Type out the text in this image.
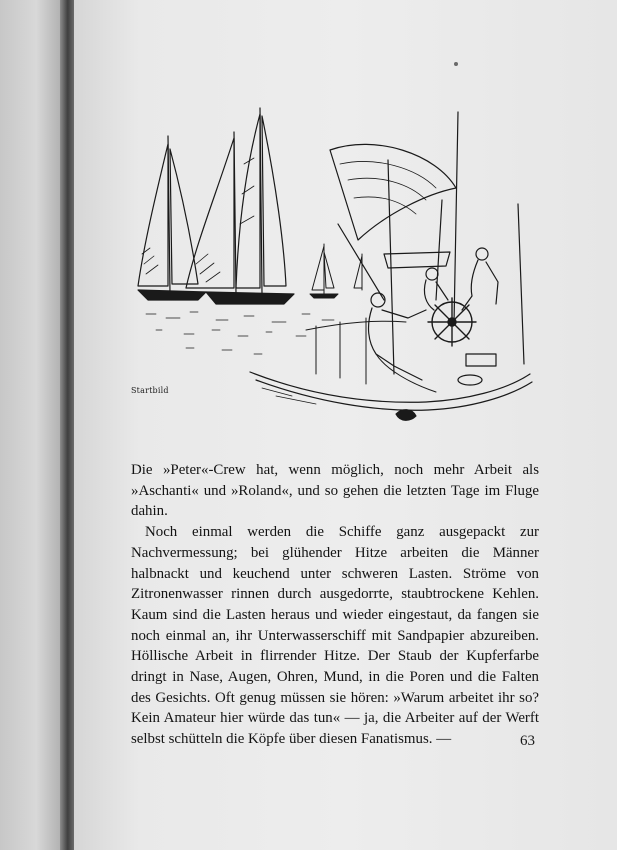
Startbild

Die »Peter«-Crew hat, wenn möglich, noch mehr Arbeit als »Aschanti« und »Roland«, und so gehen die letzten Tage im Fluge dahin.

Noch einmal werden die Schiffe ganz ausgepackt zur Nachvermessung; bei glühender Hitze arbeiten die Männer halbnackt und keuchend unter schweren Lasten. Ströme von Zitronenwasser rinnen durch ausgedorrte, staubtrockene Kehlen. Kaum sind die Lasten heraus und wieder eingestaut, da fangen sie noch einmal an, ihr Unterwasserschiff mit Sandpapier abzureiben. Höllische Arbeit in flirrender Hitze. Der Staub der Kupferfarbe dringt in Nase, Augen, Ohren, Mund, in die Poren und die Falten des Gesichts. Oft genug müssen sie hören: »Warum arbeitet ihr so? Kein Amateur hier würde das tun« — ja, die Arbeiter auf der Werft selbst schütteln die Köpfe über diesen Fanatismus. —	63
